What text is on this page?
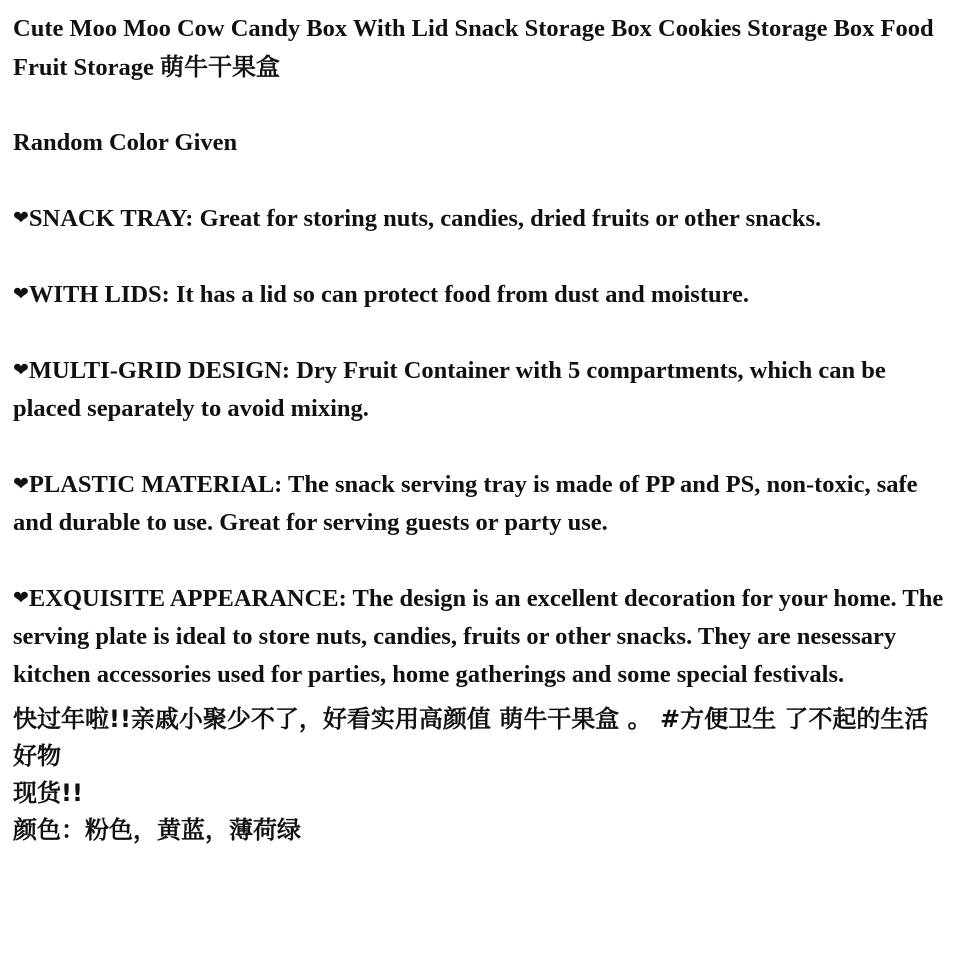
Cute Moo Moo Cow Candy Box With Lid Snack Storage Box Cookies Storage Box Food Fruit Storage 萌牛干果盒

Random Color Given

❤SNACK TRAY: Great for storing nuts, candies, dried fruits or other snacks.

❤WITH LIDS: It has a lid so can protect food from dust and moisture.

❤MULTI-GRID DESIGN: Dry Fruit Container with 5 compartments, which can be placed separately to avoid mixing.

❤PLASTIC MATERIAL: The snack serving tray is made of PP and PS, non-toxic, safe and durable to use. Great for serving guests or party use.

❤EXQUISITE APPEARANCE: The design is an excellent decoration for your home. The serving plate is ideal to store nuts, candies, fruits or other snacks. They are nesessary kitchen accessories used for parties, home gatherings and some special festivals.

快过年啦!!亲戚小聚少不了，好看实用高颜值 萌牛干果盒 。 #方便卫生 了不起的生活好物
现货!!
颜色：粉色，黄蓝，薄荷绿
